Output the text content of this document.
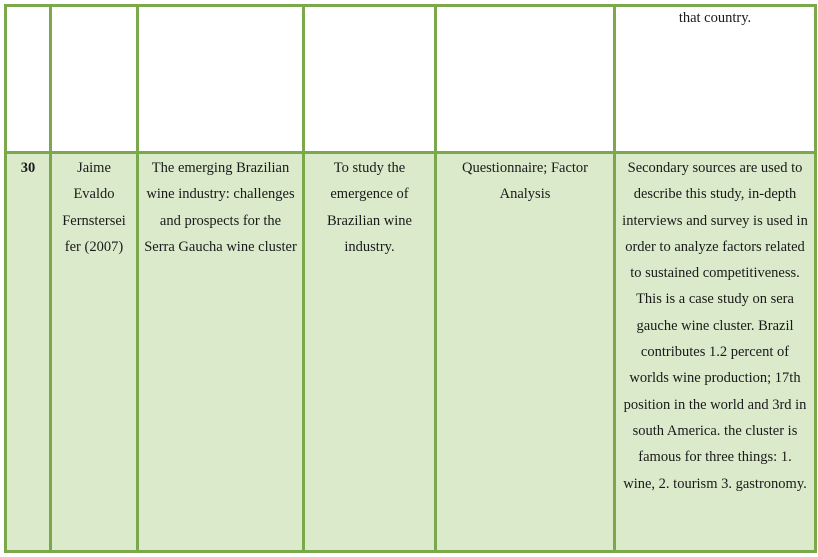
					that country.

30	Jaime Evaldo Fernstersei fer (2007)	The emerging Brazilian wine industry: challenges and prospects for the Serra Gaucha wine cluster	To study the emergence of Brazilian wine industry.	Questionnaire; Factor Analysis	Secondary sources are used to describe this study, in-depth interviews and survey is used in order to analyze factors related to sustained competitiveness. This is a case study on sera gauche wine cluster. Brazil contributes 1.2 percent of worlds wine production; 17th position in the world and 3rd in south America. the cluster is famous for three things: 1. wine, 2. tourism 3. gastronomy.
